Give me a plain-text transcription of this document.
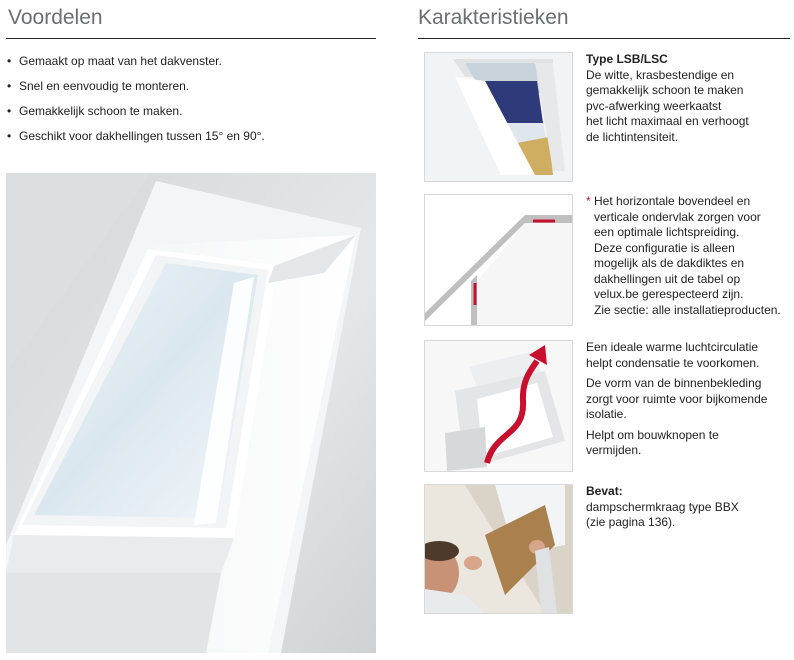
Voordelen
• Gemaakt op maat van het dakvenster.
• Snel en eenvoudig te monteren.
• Gemakkelijk schoon te maken.
• Geschikt voor dakhellingen tussen 15° en 90°.
Karakteristieken

Type LSB/LSC

De witte, krasbestendige en

gemakkelijk schoon te maken

pvc-afwerking weerkaatst

het licht maximaal en verhoogt

de lichtintensiteit.

* Het horizontale bovendeel en

verticale ondervlak zorgen voor

een optimale lichtspreiding.

Deze configuratie is alleen

mogelijk als de dakdiktes en

dakhellingen uit de tabel op

velux.be gerespecteerd zijn.

Zie sectie: alle installatieproducten.

Een ideale warme luchtcirculatie

helpt condensatie te voorkomen.

De vorm van de binnenbekleding

zorgt voor ruimte voor bijkomende

isolatie.

Helpt om bouwknopen te

vermijden.

Bevat:

dampschermkraag type BBX

(zie pagina 136).
